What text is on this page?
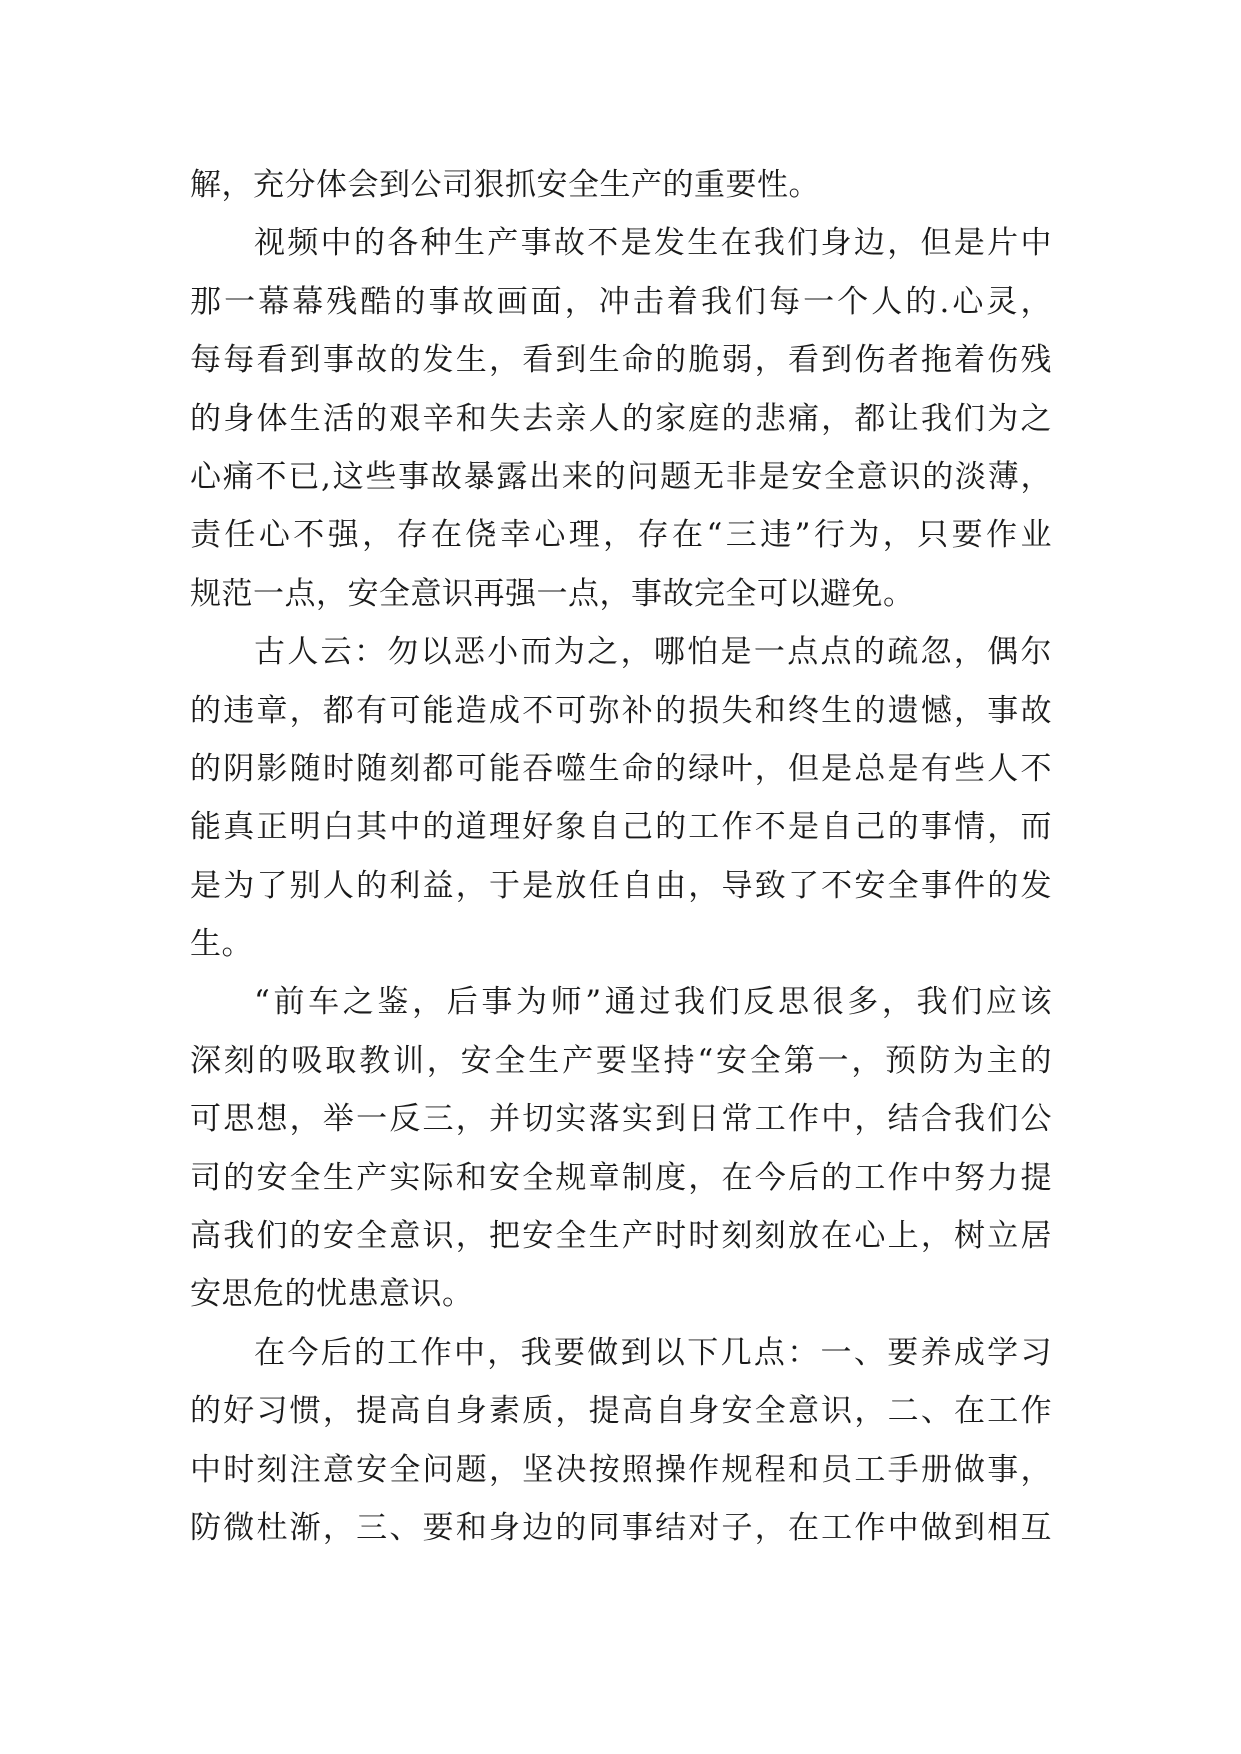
解，充分体会到公司狠抓安全生产的重要性。
视频中的各种生产事故不是发生在我们身边，但是片中
那一幕幕残酷的事故画面，冲击着我们每一个人的.心灵，
每每看到事故的发生，看到生命的脆弱，看到伤者拖着伤残
的身体生活的艰辛和失去亲人的家庭的悲痛，都让我们为之
心痛不已,这些事故暴露出来的问题无非是安全意识的淡薄，
责任心不强，存在侥幸心理，存在“三违”行为，只要作业
规范一点，安全意识再强一点，事故完全可以避免。
古人云：勿以恶小而为之，哪怕是一点点的疏忽，偶尔
的违章，都有可能造成不可弥补的损失和终生的遗憾，事故
的阴影随时随刻都可能吞噬生命的绿叶，但是总是有些人不
能真正明白其中的道理好象自己的工作不是自己的事情，而
是为了别人的利益，于是放任自由，导致了不安全事件的发
生。
“前车之鉴，后事为师”通过我们反思很多，我们应该
深刻的吸取教训，安全生产要坚持“安全第一，预防为主的
可思想，举一反三，并切实落实到日常工作中，结合我们公
司的安全生产实际和安全规章制度，在今后的工作中努力提
高我们的安全意识，把安全生产时时刻刻放在心上，树立居
安思危的忧患意识。
在今后的工作中，我要做到以下几点：一、要养成学习
的好习惯，提高自身素质，提高自身安全意识，二、在工作
中时刻注意安全问题，坚决按照操作规程和员工手册做事，
防微杜渐，三、要和身边的同事结对子，在工作中做到相互
